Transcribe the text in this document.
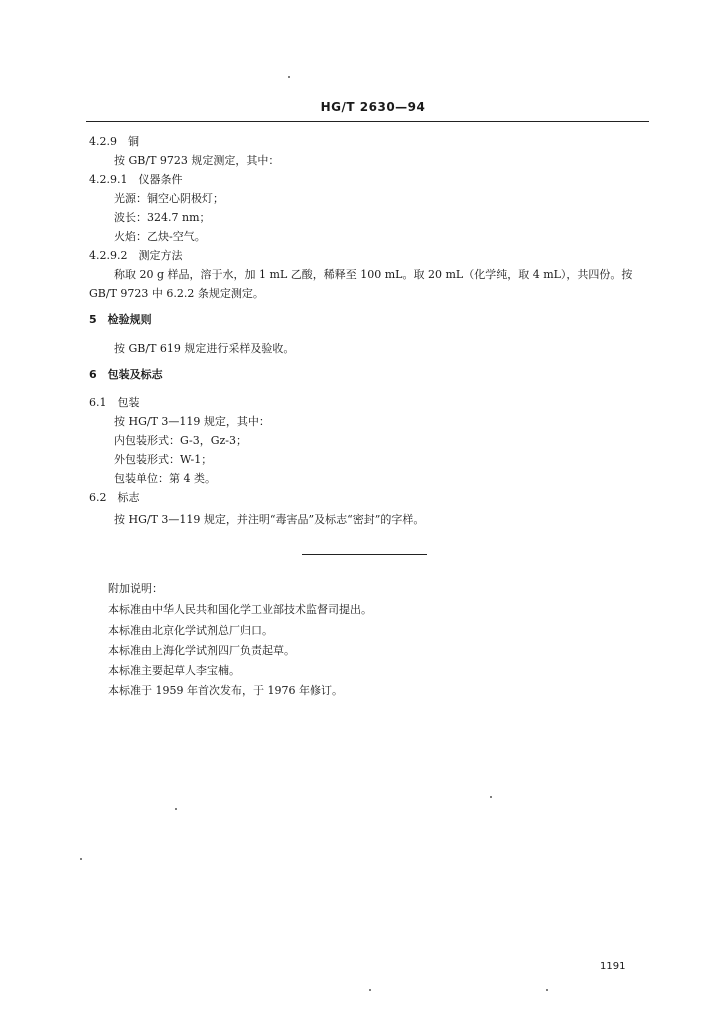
HG/T 2630—94
4.2.9　铜
按 GB/T 9723 规定测定，其中：
4.2.9.1　仪器条件
光源：铜空心阴极灯；
波长：324.7 nm；
火焰：乙炔-空气。
4.2.9.2　测定方法
称取 20 g 样品，溶于水，加 1 mL 乙酸，稀释至 100 mL。取 20 mL（化学纯，取 4 mL），共四份。按
GB/T 9723 中 6.2.2 条规定测定。
5　检验规则
按 GB/T 619 规定进行采样及验收。
6　包装及标志
6.1　包装
按 HG/T 3—119 规定，其中：
内包装形式：G-3，Gz-3；
外包装形式：W-1；
包装单位：第 4 类。
6.2　标志
按 HG/T 3—119 规定，并注明“毒害品”及标志“密封”的字样。
附加说明：
本标准由中华人民共和国化学工业部技术监督司提出。
本标准由北京化学试剂总厂归口。
本标准由上海化学试剂四厂负责起草。
本标准主要起草人李宝楠。
本标准于 1959 年首次发布，于 1976 年修订。
1191
